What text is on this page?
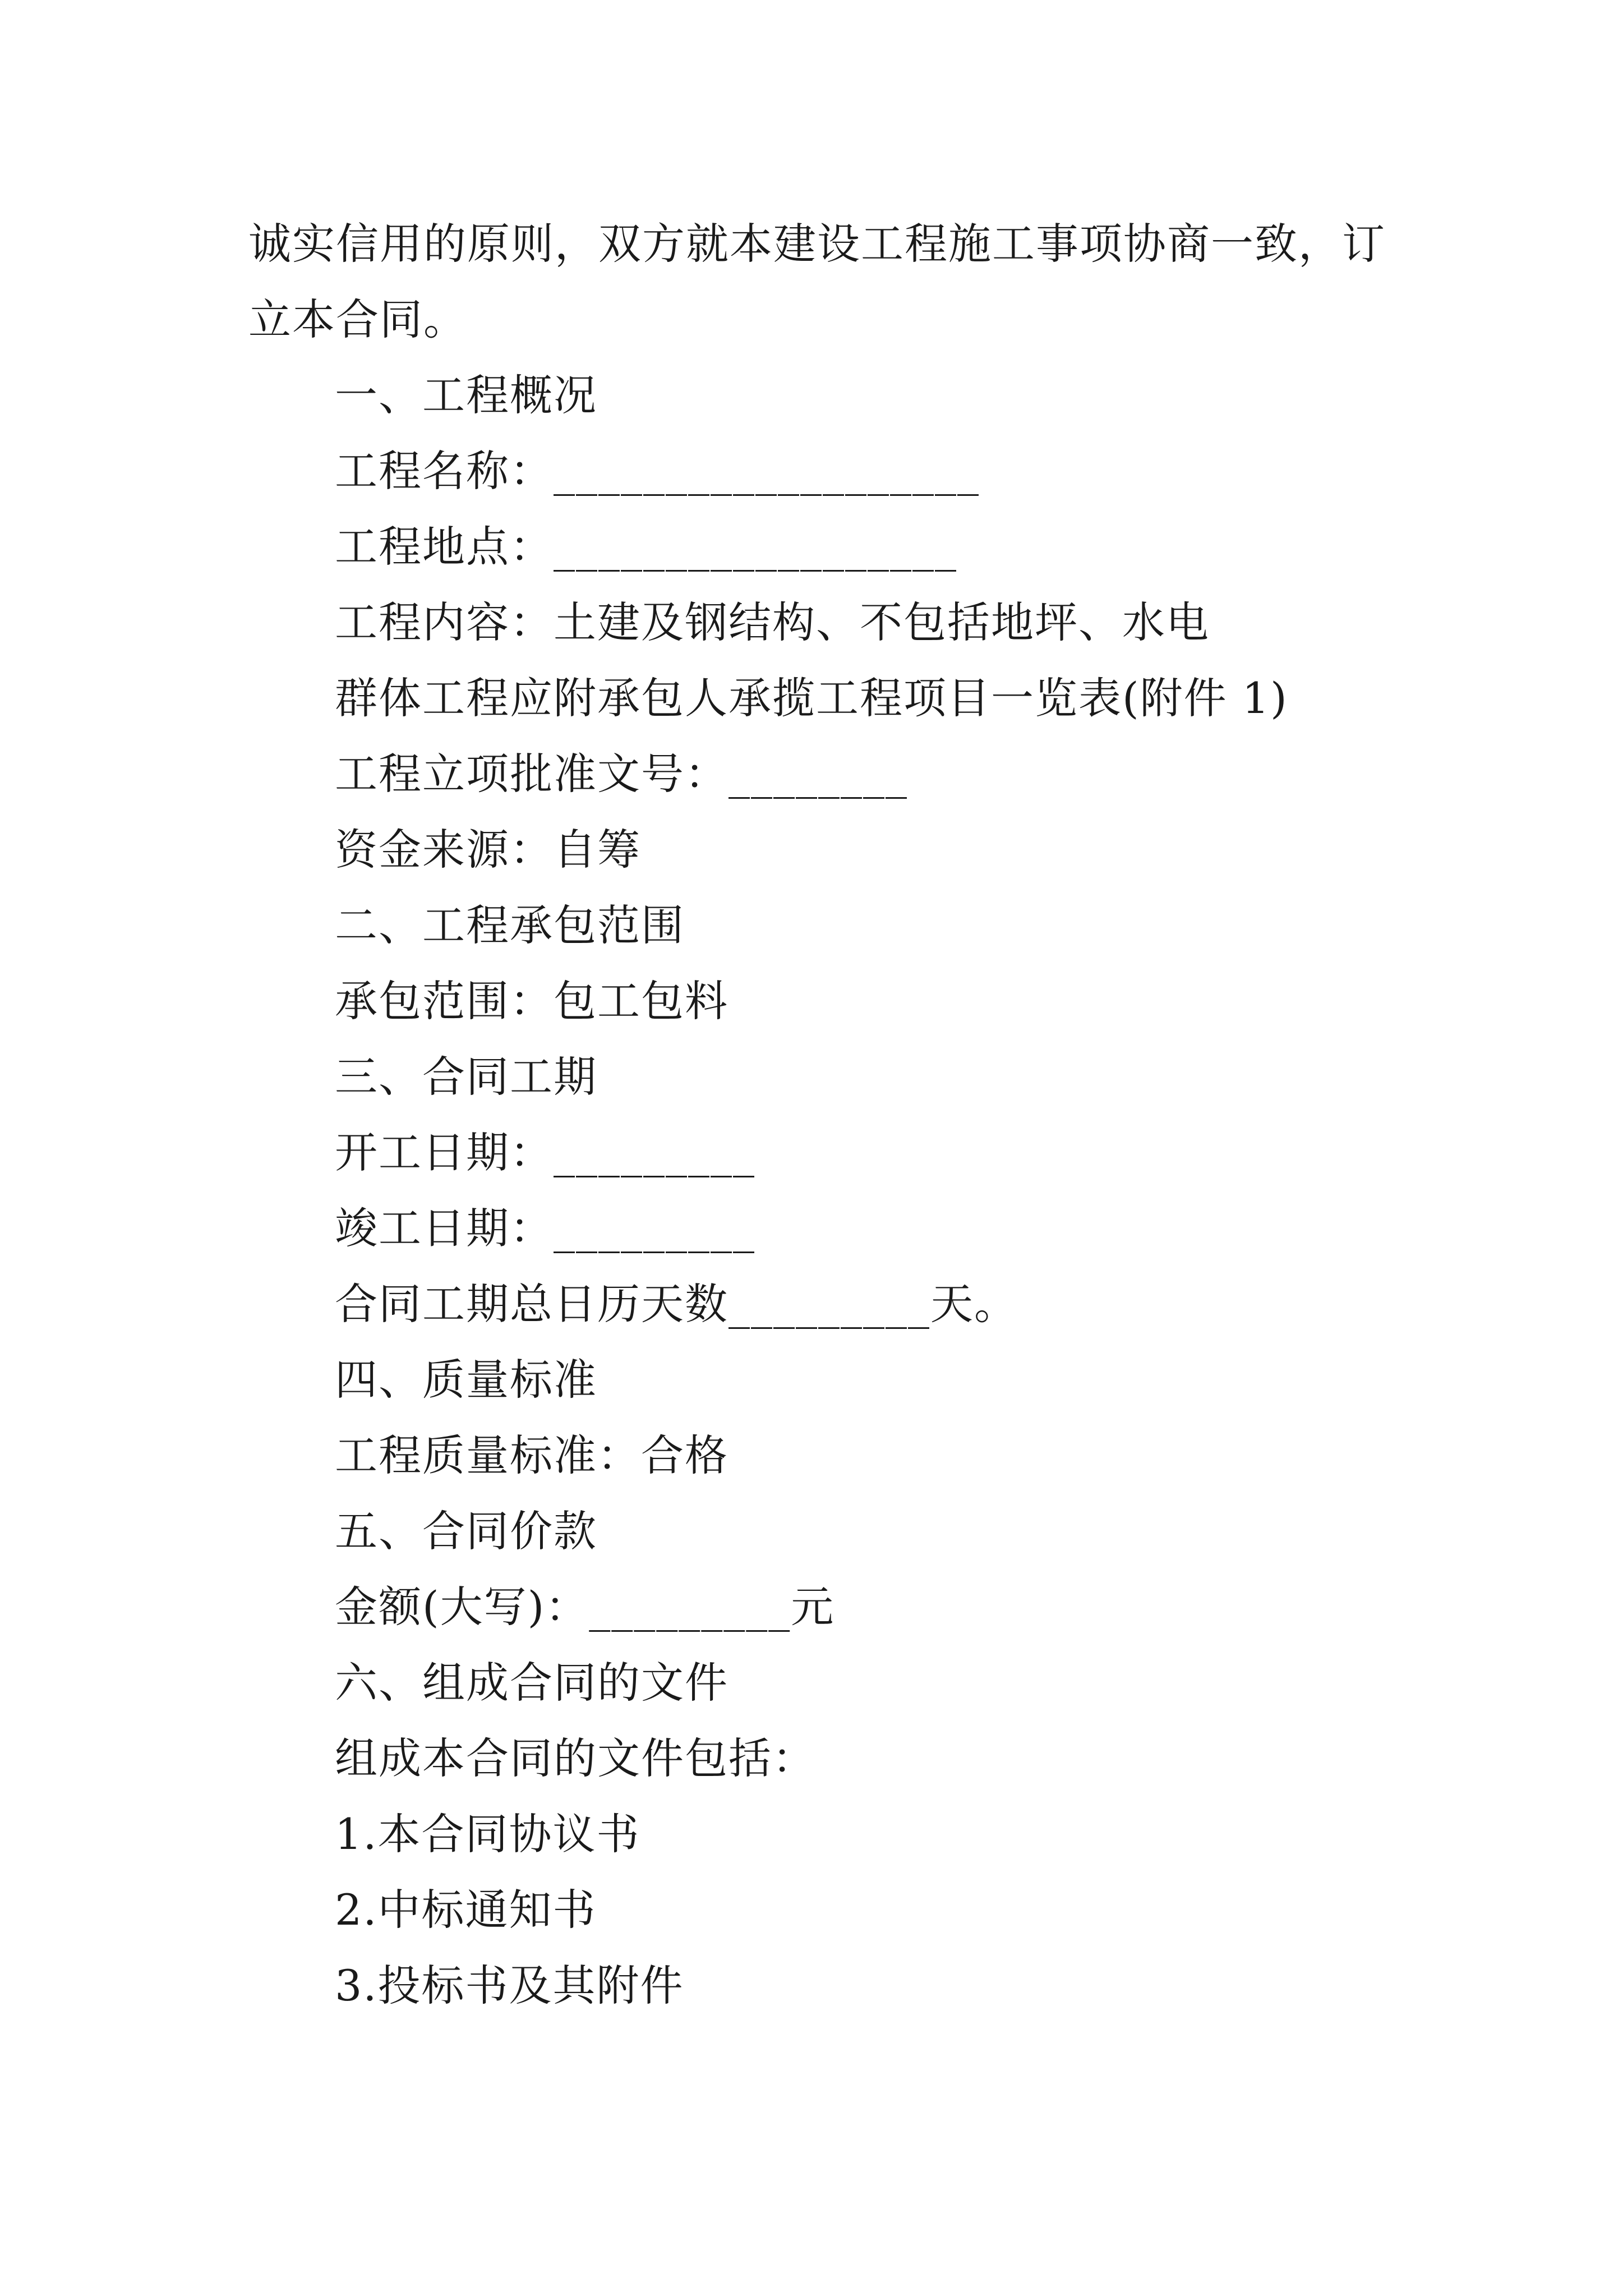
诚实信用的原则，双方就本建设工程施工事项协商一致，订
立本合同。
一、工程概况
工程名称：___________________
工程地点：__________________
工程内容：土建及钢结构、不包括地坪、水电
群体工程应附承包人承揽工程项目一览表(附件 1)
工程立项批准文号：________
资金来源：自筹
二、工程承包范围
承包范围：包工包料
三、合同工期
开工日期：_________
竣工日期：_________
合同工期总日历天数_________天。
四、质量标准
工程质量标准：合格
五、合同价款
金额(大写)：_________元
六、组成合同的文件
组成本合同的文件包括：
1.本合同协议书
2.中标通知书
3.投标书及其附件
